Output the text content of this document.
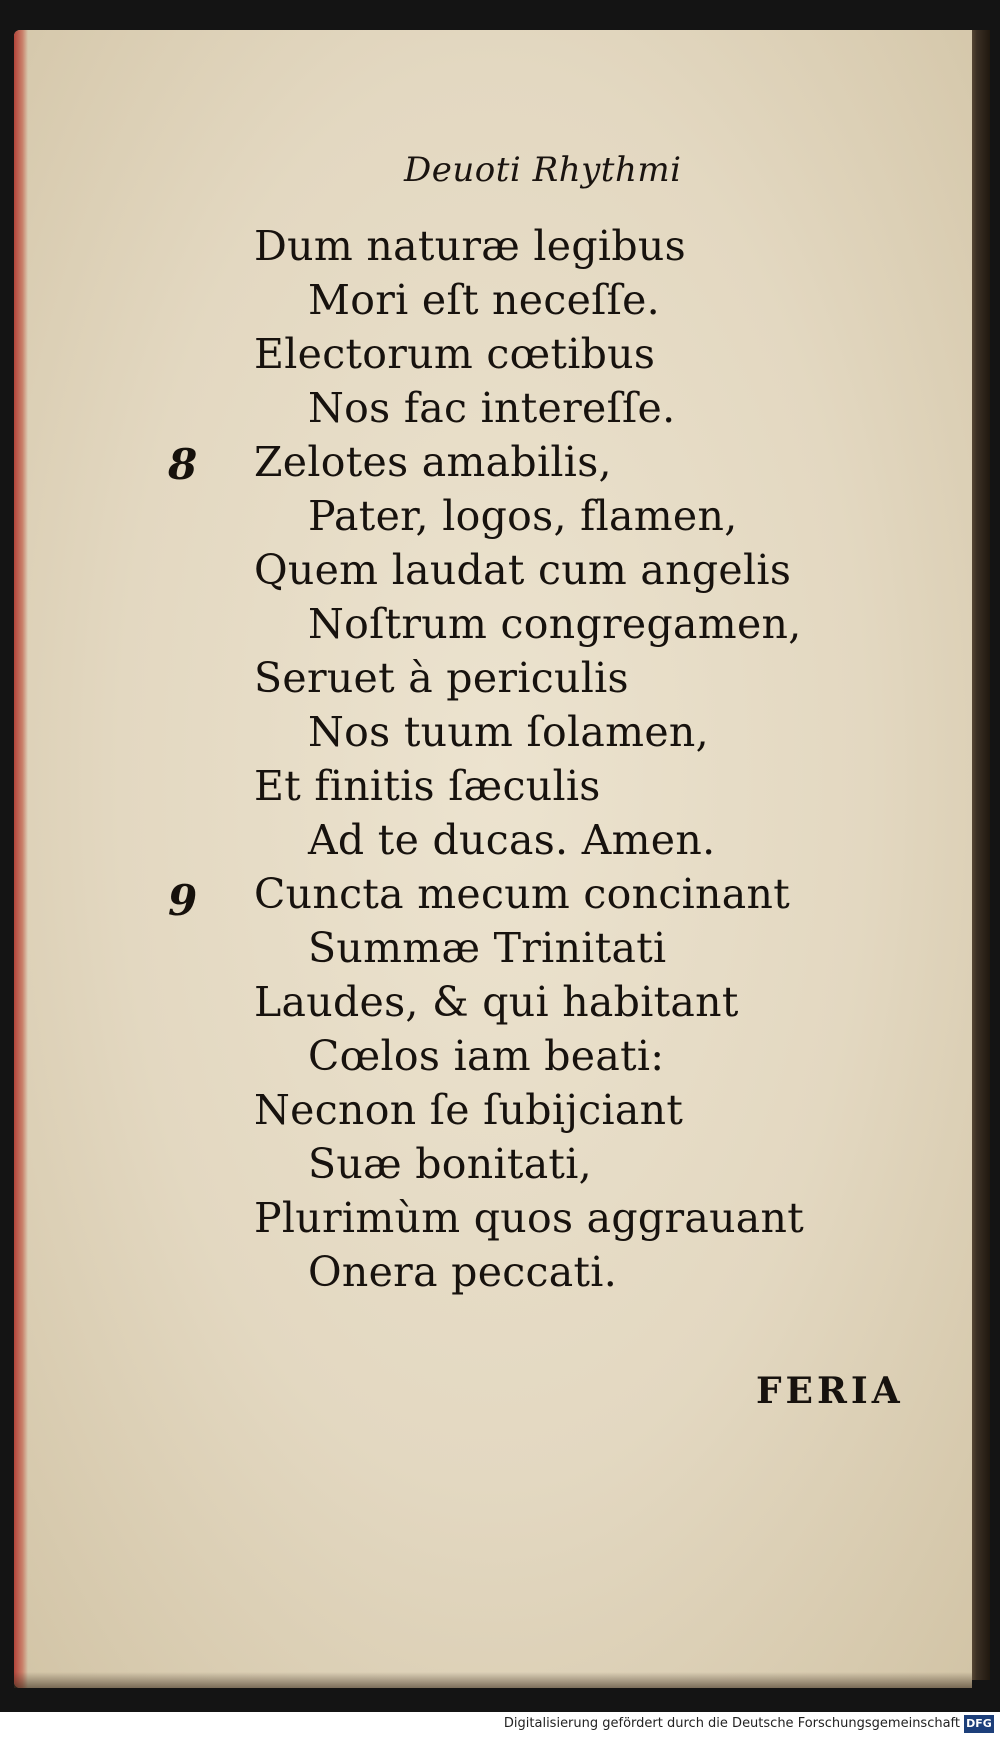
Deuoti Rhythmi
Dum naturæ legibus
Mori eſt neceſſe.
Electorum cœtibus
Nos fac intereſſe.
8 Zelotes amabilis,
Pater, logos, flamen,
Quem laudat cum angelis
Noſtrum congregamen,
Seruet à periculis
Nos tuum ſolamen,
Et finitis ſæculis
Ad te ducas. Amen.
9 Cuncta mecum concinant
Summæ Trinitati
Laudes, & qui habitant
Cœlos iam beati:
Necnon ſe ſubijciant
Suæ bonitati,
Plurimùm quos aggrauant
Onera peccati.
FERIA
Digitalisierung gefördert durch die Deutsche Forschungsgemeinschaft DFG
